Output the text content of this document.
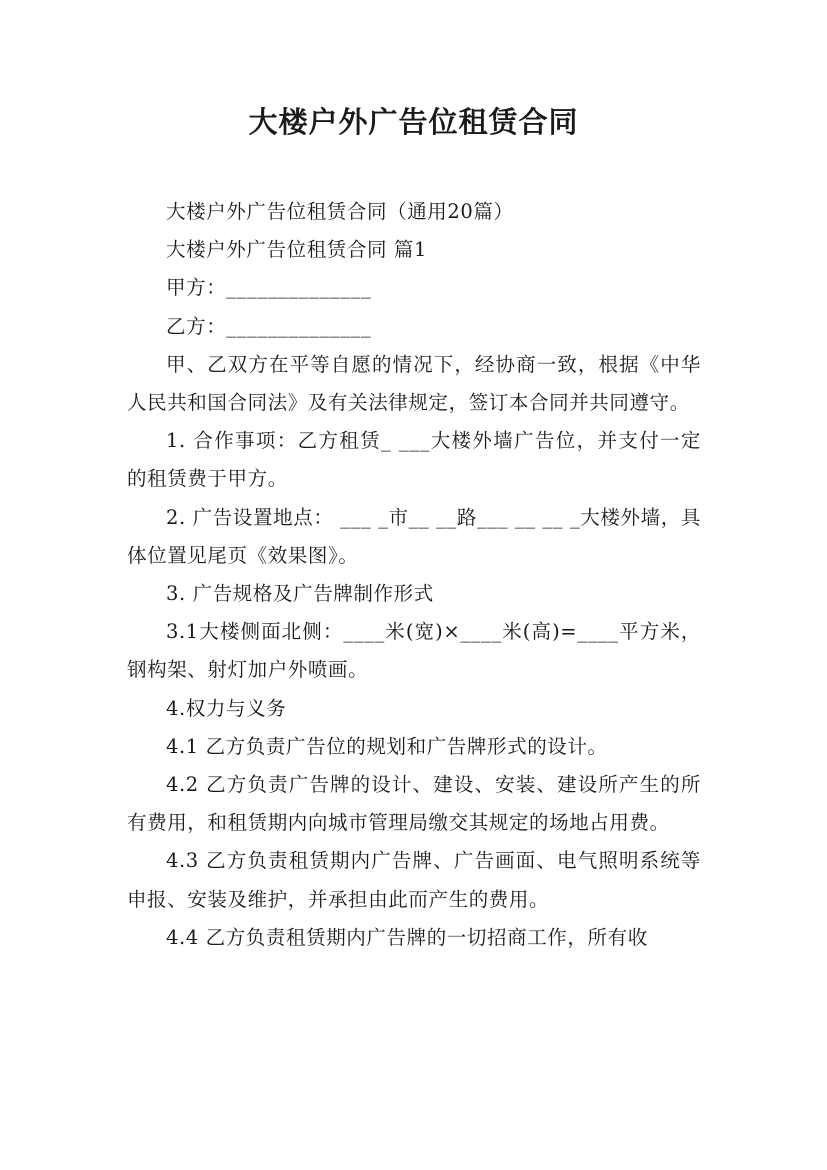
大楼户外广告位租赁合同

大楼户外广告位租赁合同（通用20篇）

大楼户外广告位租赁合同 篇1

甲方：______________

乙方：______________

甲、乙双方在平等自愿的情况下，经协商一致，根据《中华人民共和国合同法》及有关法律规定，签订本合同并共同遵守。

1. 合作事项：乙方租赁_ ___大楼外墙广告位，并支付一定的租赁费于甲方。

2. 广告设置地点： ___ _市__ __路___ __ __ _大楼外墙，具体位置见尾页《效果图》。

3. 广告规格及广告牌制作形式

3.1大楼侧面北侧：____米(宽)×____米(高)=____平方米，钢构架、射灯加户外喷画。

4.权力与义务

4.1 乙方负责广告位的规划和广告牌形式的设计。

4.2 乙方负责广告牌的设计、建设、安装、建设所产生的所有费用，和租赁期内向城市管理局缴交其规定的场地占用费。

4.3 乙方负责租赁期内广告牌、广告画面、电气照明系统等申报、安装及维护，并承担由此而产生的费用。

4.4 乙方负责租赁期内广告牌的一切招商工作，所有收
